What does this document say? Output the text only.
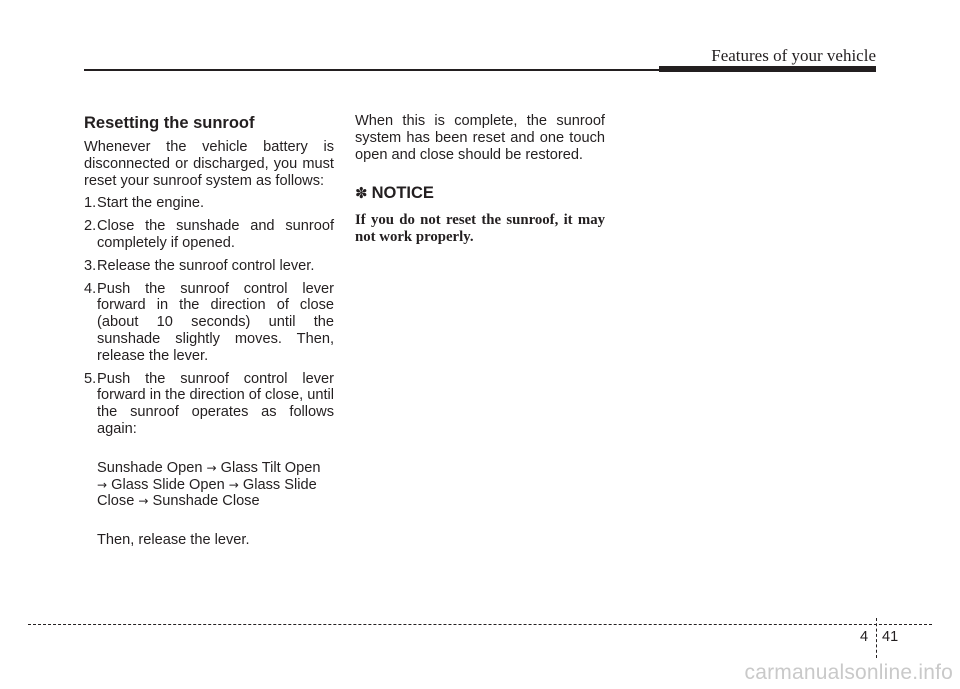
Features of your vehicle
Resetting the sunroof

Whenever the vehicle battery is disconnected or discharged, you must reset your sunroof system as follows:

1. Start the engine.
2. Close the sunshade and sunroof completely if opened.
3. Release the sunroof control lever.
4. Push the sunroof control lever forward in the direction of close (about 10 seconds) until the sunshade slightly moves. Then, release the lever.
5. Push the sunroof control lever forward in the direction of close, until the sunroof operates as follows again:

Sunshade Open → Glass Tilt Open
→ Glass Slide Open → Glass Slide Close → Sunshade Close

Then, release the lever.

When this is complete, the sunroof system has been reset and one touch open and close should be restored.

✽ NOTICE

If you do not reset the sunroof, it may not work properly.

4 41
carmanualsonline.info
